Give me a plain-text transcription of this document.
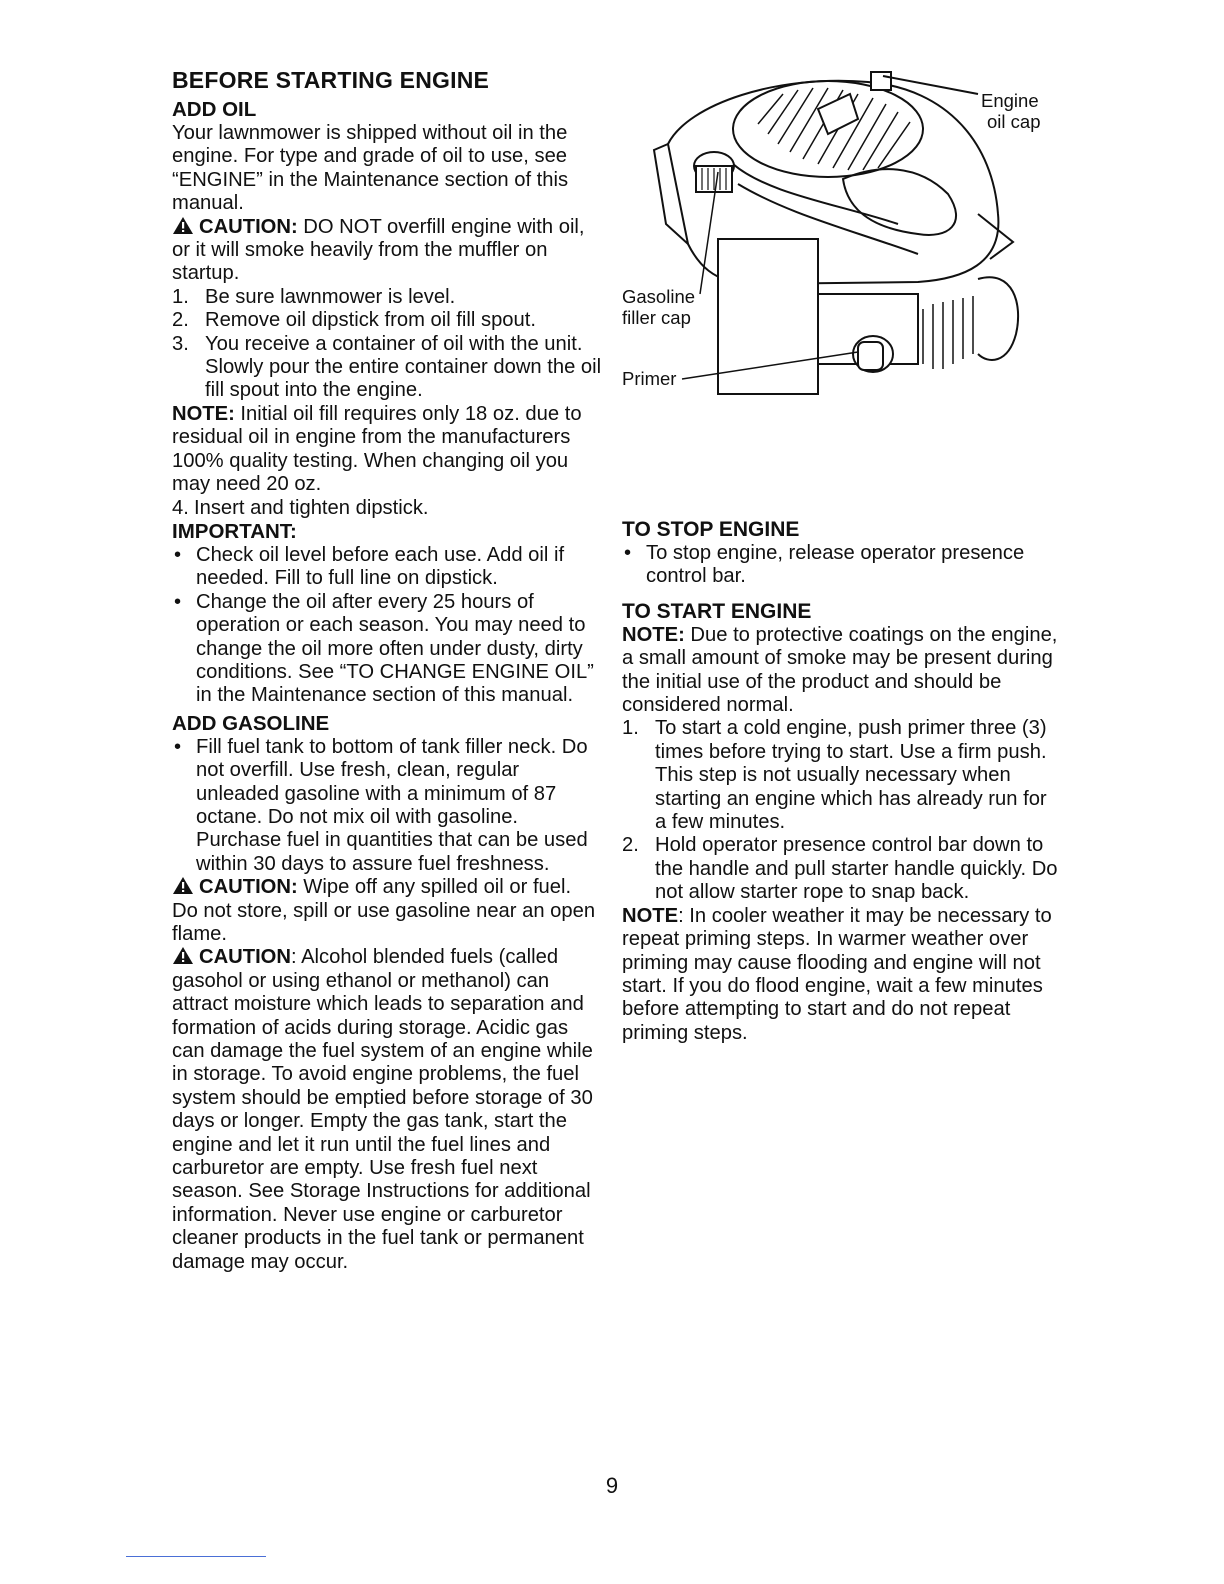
BEFORE STARTING ENGINE
ADD OIL

Your lawnmower is shipped without oil in the engine. For type and grade of oil to use, see “ENGINE” in the Maintenance section of this manual.

CAUTION: DO NOT overfill engine with oil, or it will smoke heavily from the muffler on startup.

1. Be sure lawnmower is level.
2. Remove oil dipstick from oil fill spout.
3. You receive a container of oil with the unit. Slowly pour the entire container down the oil fill spout into the engine.

NOTE: Initial oil fill requires only 18 oz. due to residual oil in engine from the manufacturers 100% quality testing. When changing oil you may need 20 oz.

4. Insert and tighten dipstick.
IMPORTANT:
• Check oil level before each use. Add oil if needed. Fill to full line on dipstick.
• Change the oil after every 25 hours of operation or each season. You may need to change the oil more often under dusty, dirty conditions. See “TO CHANGE ENGINE OIL” in the Maintenance section of this manual.
ADD GASOLINE
• Fill fuel tank to bottom of tank filler neck. Do not overfill. Use fresh, clean, regular unleaded gasoline with a minimum of 87 octane. Do not mix oil with gasoline. Purchase fuel in quantities that can be used within 30 days to assure fuel freshness.

CAUTION: Wipe off any spilled oil or fuel. Do not store, spill or use gasoline near an open flame.

CAUTION: Alcohol blended fuels (called gasohol or using ethanol or methanol) can attract moisture which leads to separation and formation of acids during storage. Acidic gas can damage the fuel system of an engine while in storage. To avoid engine problems, the fuel system should be emptied before storage of 30 days or longer. Empty the gas tank, start the engine and let it run until the fuel lines and carburetor are empty. Use fresh fuel next season. See Storage Instructions for additional information. Never use engine or carburetor cleaner products in the fuel tank or permanent damage may occur.

Engine
oil cap
Gasoline
filler cap
Primer
TO STOP ENGINE
• To stop engine, release operator presence control bar.
TO START ENGINE

NOTE: Due to protective coatings on the engine, a small amount of smoke may be present during the initial use of the product and should be considered normal.

1. To start a cold engine, push primer three (3) times before trying to start. Use a firm push. This step is not usually necessary when starting an engine which has already run for a few minutes.
2. Hold operator presence control bar down to the handle and pull starter handle quickly. Do not allow starter rope to snap back.

NOTE: In cooler weather it may be necessary to repeat priming steps. In warmer weather over priming may cause flooding and engine will not start. If you do flood engine, wait a few minutes before attempting to start and do not repeat priming steps.

9
